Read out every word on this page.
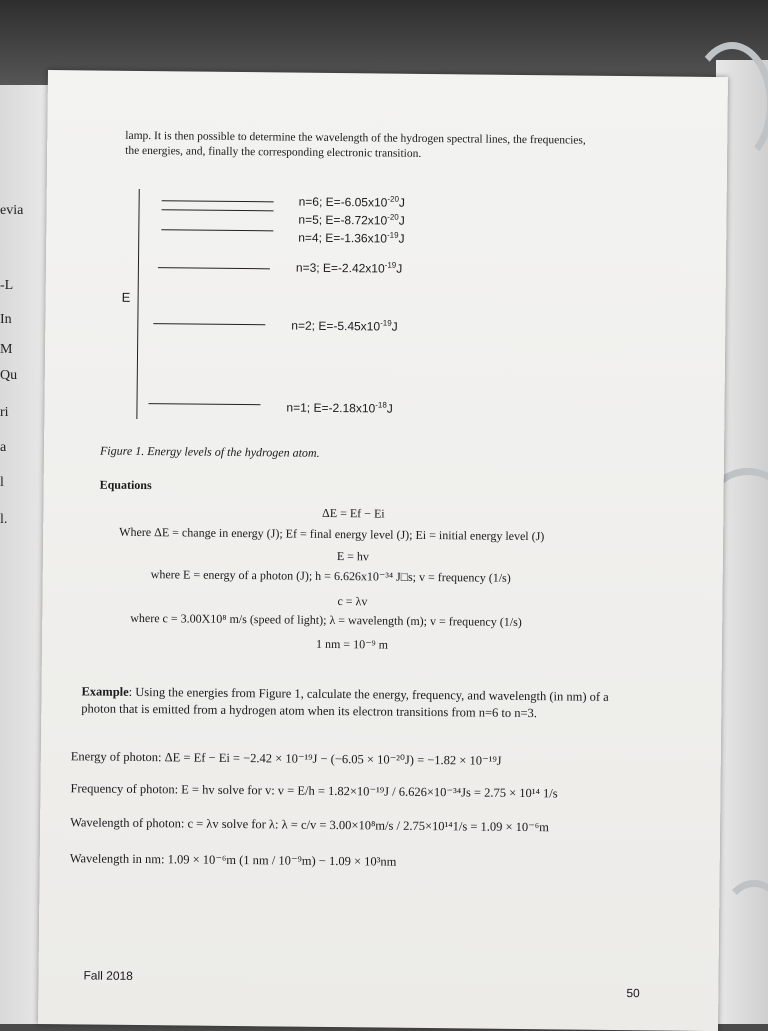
evia
-L
In
M
Qu
ri
a
l
l.
lamp. It is then possible to determine the wavelength of the hydrogen spectral lines, the frequencies, the energies, and, finally the corresponding electronic transition.
E
n=6; $E=-6.05x10^{-20}J$
n=5; $E=-8.72x10^{-20}J$
n=4; $E=-1.36x10^{-19}J$
n=3; $E=-2.42x10^{-19}J$
n=2; $E=-5.45x10^{-19}J$
n=1; $E=-2.18x10^{-18}J$
Figure 1. Energy levels of the hydrogen atom.
Equations
ΔE = Ef − Ei
Where ΔE = change in energy (J); Ef = final energy level (J); Ei = initial energy level (J)
E = hv
where E = energy of a photon (J); h = 6.626x10⁻³⁴ J□s; v = frequency (1/s)
c = λv
where c = 3.00X10⁸ m/s (speed of light); λ = wavelength (m); v = frequency (1/s)
1 nm = 10⁻⁹ m
Example: Using the energies from Figure 1, calculate the energy, frequency, and wavelength (in nm) of a photon that is emitted from a hydrogen atom when its electron transitions from n=6 to n=3.
Energy of photon: ΔE = Ef − Ei = −2.42 × 10⁻¹⁹J − (−6.05 × 10⁻²⁰J) = −1.82 × 10⁻¹⁹J
Frequency of photon: E = hv solve for v: v = E/h = 1.82×10⁻¹⁹J / 6.626×10⁻³⁴Js = 2.75 × 10¹⁴ 1/s
Wavelength of photon: c = λv solve for λ: λ = c/v = 3.00×10⁸m/s / 2.75×10¹⁴1/s = 1.09 × 10⁻⁶m
Wavelength in nm: 1.09 × 10⁻⁶m (1 nm / 10⁻⁹m) − 1.09 × 10³nm
Fall 2018
50
